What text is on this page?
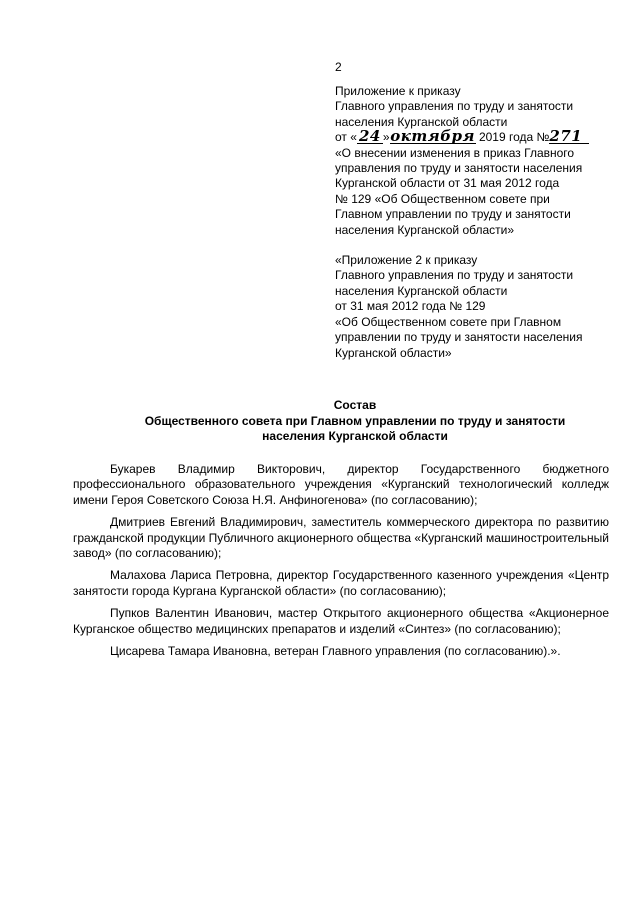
2
Приложение к приказу
Главного управления по труду и занятости
населения Курганской области
от « 24 »октября 2019 года №271
«О внесении изменения в приказ Главного
управления по труду и занятости населения
Курганской области от 31 мая 2012 года
№ 129 «Об Общественном совете при
Главном управлении по труду и занятости
населения Курганской области»
«Приложение 2 к приказу
Главного управления по труду и занятости
населения Курганской области
от 31 мая 2012 года № 129
«Об Общественном совете при Главном
управлении по труду и занятости населения
Курганской области»
Состав
Общественного совета при Главном управлении по труду и занятости
населения Курганской области

Букарев Владимир Викторович, директор Государственного бюджетного профессионального образовательного учреждения «Курганский технологический колледж имени Героя Советского Союза Н.Я. Анфиногенова» (по согласованию);

Дмитриев Евгений Владимирович, заместитель коммерческого директора по развитию гражданской продукции Публичного акционерного общества «Курганский машиностроительный завод» (по согласованию);

Малахова Лариса Петровна, директор Государственного казенного учреждения «Центр занятости города Кургана Курганской области» (по согласованию);

Пупков Валентин Иванович, мастер Открытого акционерного общества «Акционерное Курганское общество медицинских препаратов и изделий «Синтез» (по согласованию);

Цисарева Тамара Ивановна, ветеран Главного управления (по согласованию).».
